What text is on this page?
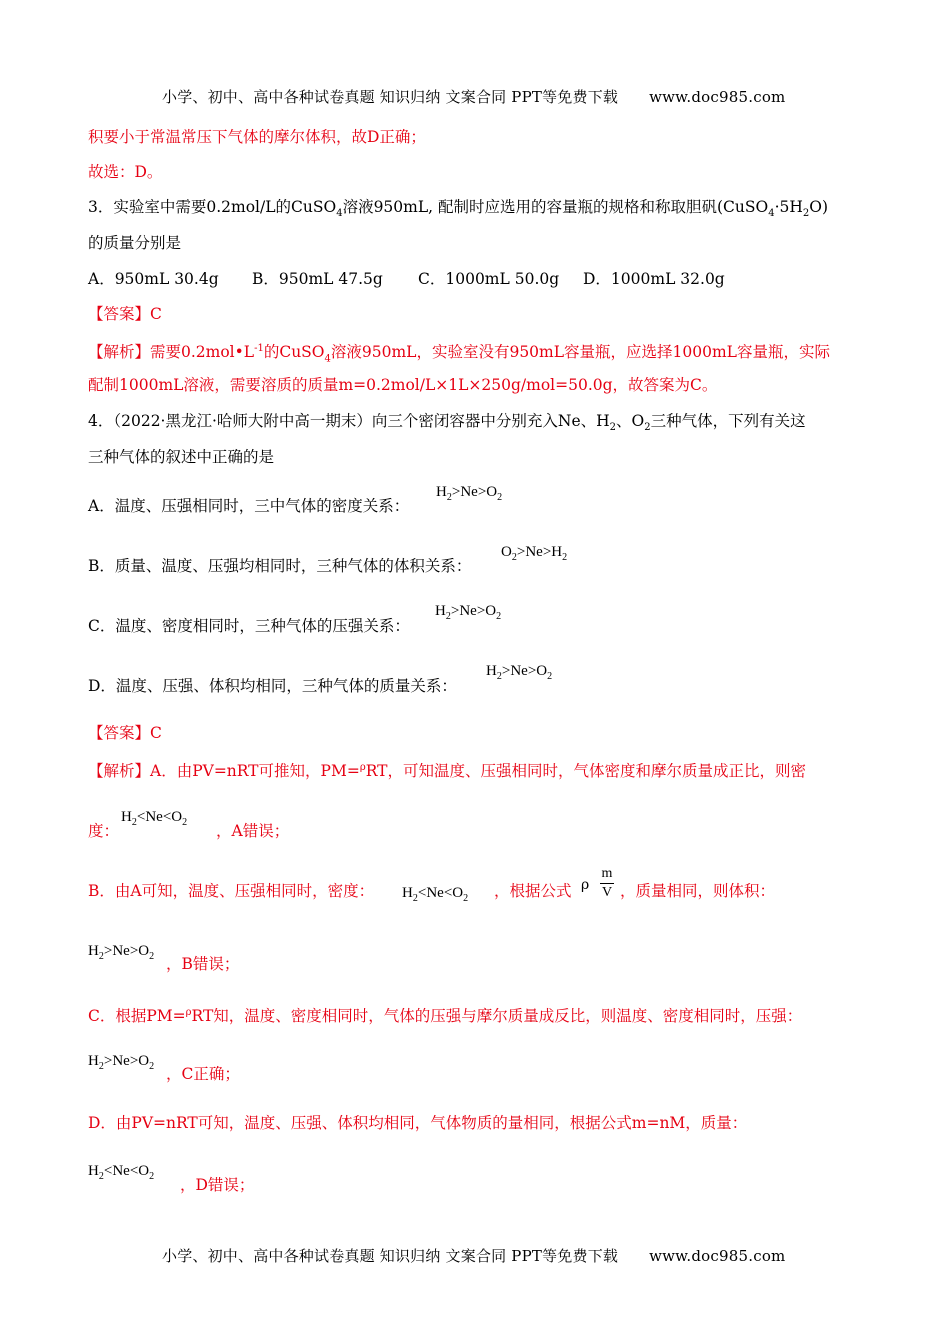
小学、初中、高中各种试卷真题 知识归纳 文案合同 PPT等免费下载 www.doc985.com
积要小于常温常压下气体的摩尔体积，故D正确；
故选：D。
3．实验室中需要0.2mol/L的CuSO$_4$溶液950mL, 配制时应选用的容量瓶的规格和称取胆矾$(CuSO_4\cdot 5H_2O)$
的质量分别是
A．950mL 30.4g B．950mL 47.5g C．1000mL 50.0g D．1000mL 32.0g
【答案】C
【解析】需要$0.2mol•L^{-1}$的CuSO$_4$溶液950mL，实验室没有950mL容量瓶，应选择1000mL容量瓶，实际
配制1000mL溶液，需要溶质的质量m=0.2mol/L×1L×250g/mol=50.0g，故答案为C。
4．（2022·黑龙江·哈师大附中高一期末）向三个密闭容器中分别充入Ne、$H_2$、$O_2$三种气体，下列有关这
三种气体的叙述中正确的是
A．温度、压强相同时，三中气体的密度关系：
$H_2>Ne>O_2$
B．质量、温度、压强均相同时，三种气体的体积关系：
$O_2>Ne>H_2$
C．温度、密度相同时，三种气体的压强关系：
$H_2>Ne>O_2$
D．温度、压强、体积均相同，三种气体的质量关系：
$H_2>Ne>O_2$
【答案】C
【解析】A．由PV=nRT可推知，PM=$^\rho$RT，可知温度、压强相同时，气体密度和摩尔质量成正比，则密
度：
$H_2<Ne<O_2$ ，A错误；
B．由A可知，温度、压强相同时，密度： $H_2<Ne<O_2$ ，根据公式 ρ
m
V ，质量相同，则体积：
$H_2>Ne>O_2$ ，B错误；
C．根据PM=$^\rho$RT知，温度、密度相同时，气体的压强与摩尔质量成反比，则温度、密度相同时，压强：
$H_2>Ne>O_2$ ，C正确；
D．由PV=nRT可知，温度、压强、体积均相同，气体物质的量相同，根据公式m=nM，质量：
$H_2<Ne<O_2$ ，D错误；
小学、初中、高中各种试卷真题 知识归纳 文案合同 PPT等免费下载 www.doc985.com
